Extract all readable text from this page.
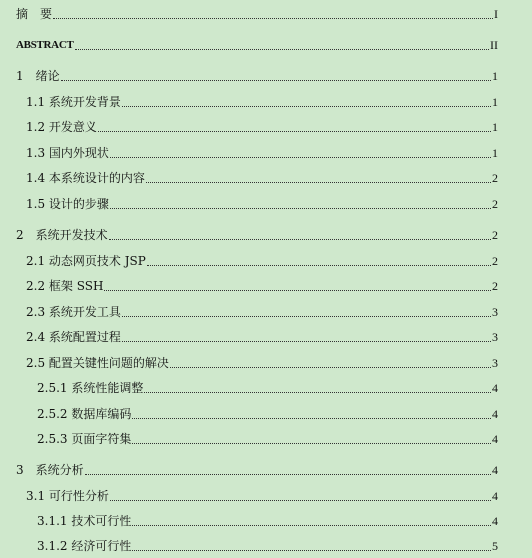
摘　要	I
ABSTRACT	II
1　绪论	1
1.1 系统开发背景	1
1.2 开发意义	1
1.3 国内外现状	1
1.4 本系统设计的内容	2
1.5 设计的步骤	2
2　系统开发技术	2
2.1 动态网页技术 JSP	2
2.2 框架 SSH	2
2.3 系统开发工具	3
2.4 系统配置过程	3
2.5 配置关键性问题的解决	3
2.5.1 系统性能调整	4
2.5.2 数据库编码	4
2.5.3 页面字符集	4
3　系统分析	4
3.1 可行性分析	4
3.1.1 技术可行性	4
3.1.2 经济可行性	5
